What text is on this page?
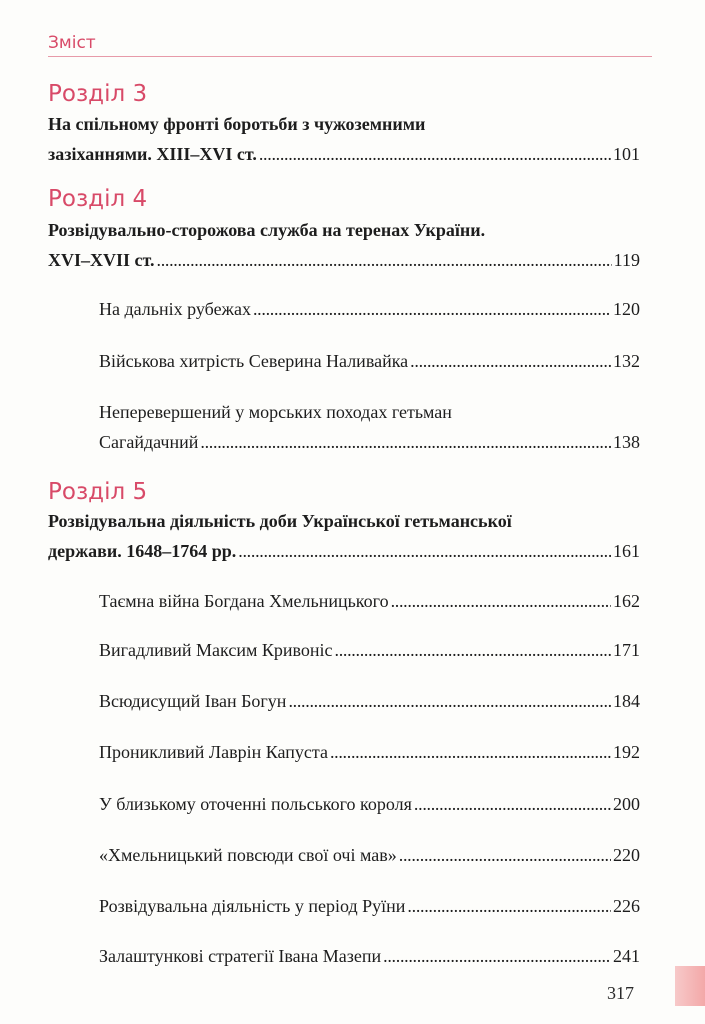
Зміст
Розділ 3
На спільному фронті боротьби з чужоземними
зазіханнями. XIII–XVI ст. . . .	101
Розділ 4
Розвідувально-сторожова служба на теренах України.
XVI–XVII ст. . . .	119
На дальніх рубежах . . .	120
Військова хитрість Северина Наливайка . . .	132
Неперевершений у морських походах гетьман
Сагайдачний . . .	138
Розділ 5
Розвідувальна діяльність доби Української гетьманської
держави. 1648–1764 рр. . . .	161
Таємна війна Богдана Хмельницького . . .	162
Вигадливий Максим Кривоніс . . .	171
Всюдисущий Іван Богун . . .	184
Проникливий Лаврін Капуста . . .	192
У близькому оточенні польського короля . . .	200
«Хмельницький повсюди свої очі мав» . . .	220
Розвідувальна діяльність у період Руїни . . .	226
Залаштункові стратегії Івана Мазепи . . .	241
317
